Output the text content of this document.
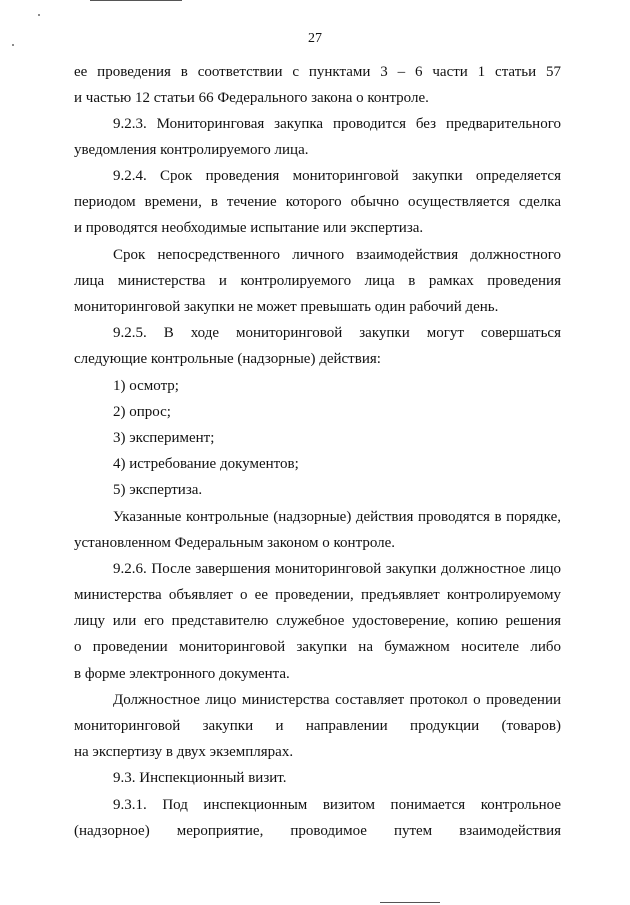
27
ее проведения в соответствии с пунктами 3 – 6 части 1 статьи 57
и частью 12 статьи 66 Федерального закона о контроле.
9.2.3. Мониторинговая закупка проводится без предварительного
уведомления контролируемого лица.
9.2.4. Срок проведения мониторинговой закупки определяется
периодом времени, в течение которого обычно осуществляется сделка
и проводятся необходимые испытание или экспертиза.
Срок непосредственного личного взаимодействия должностного
лица министерства и контролируемого лица в рамках проведения
мониторинговой закупки не может превышать один рабочий день.
9.2.5. В ходе мониторинговой закупки могут совершаться
следующие контрольные (надзорные) действия:
1) осмотр;
2) опрос;
3) эксперимент;
4) истребование документов;
5) экспертиза.
Указанные контрольные (надзорные) действия проводятся в порядке,
установленном Федеральным законом о контроле.
9.2.6. После завершения мониторинговой закупки должностное лицо
министерства объявляет о ее проведении, предъявляет контролируемому
лицу или его представителю служебное удостоверение, копию решения
о проведении мониторинговой закупки на бумажном носителе либо
в форме электронного документа.
Должностное лицо министерства составляет протокол о проведении
мониторинговой закупки и направлении продукции (товаров)
на экспертизу в двух экземплярах.
9.3. Инспекционный визит.
9.3.1. Под инспекционным визитом понимается контрольное
(надзорное) мероприятие, проводимое путем взаимодействия
